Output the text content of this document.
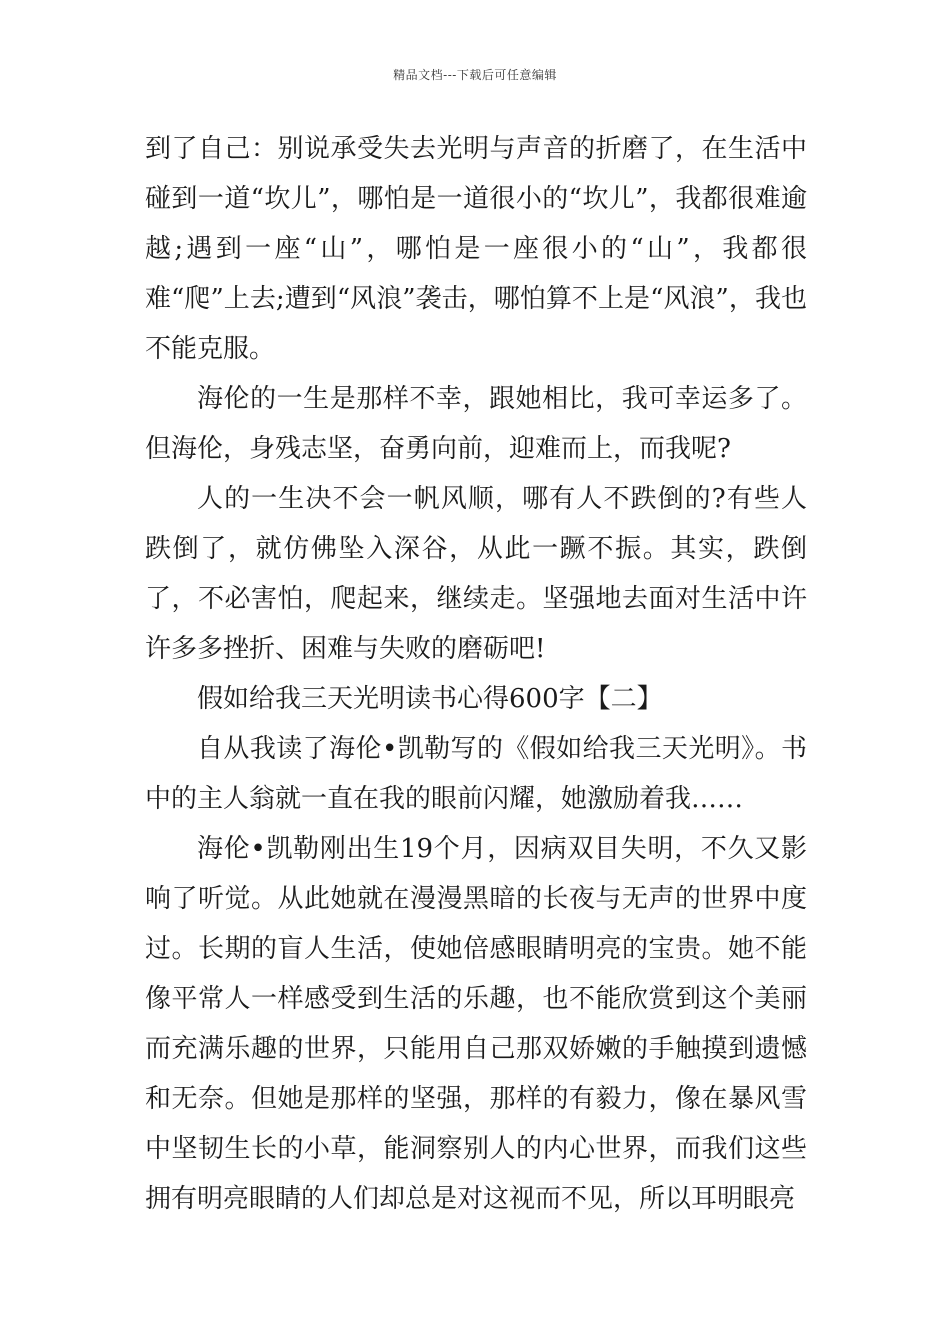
精品文档---下载后可任意编辑

到了自己：别说承受失去光明与声音的折磨了，在生活中碰到一道“坎儿”，哪怕是一道很小的“坎儿”，我都很难逾越;遇到一座“山”，哪怕是一座很小的“山”，我都很难“爬”上去;遭到“风浪”袭击，哪怕算不上是“风浪”，我也不能克服。

海伦的一生是那样不幸，跟她相比，我可幸运多了。但海伦，身残志坚，奋勇向前，迎难而上，而我呢?

人的一生决不会一帆风顺，哪有人不跌倒的?有些人跌倒了，就仿佛坠入深谷，从此一蹶不振。其实，跌倒了，不必害怕，爬起来，继续走。坚强地去面对生活中许许多多挫折、困难与失败的磨砺吧!

假如给我三天光明读书心得600字【二】

自从我读了海伦•凯勒写的《假如给我三天光明》。书中的主人翁就一直在我的眼前闪耀，她激励着我……

海伦•凯勒刚出生19个月，因病双目失明，不久又影响了听觉。从此她就在漫漫黑暗的长夜与无声的世界中度过。长期的盲人生活，使她倍感眼睛明亮的宝贵。她不能像平常人一样感受到生活的乐趣，也不能欣赏到这个美丽而充满乐趣的世界，只能用自己那双娇嫩的手触摸到遗憾和无奈。但她是那样的坚强，那样的有毅力，像在暴风雪中坚韧生长的小草，能洞察别人的内心世界，而我们这些拥有明亮眼睛的人们却总是对这视而不见，所以耳明眼亮
